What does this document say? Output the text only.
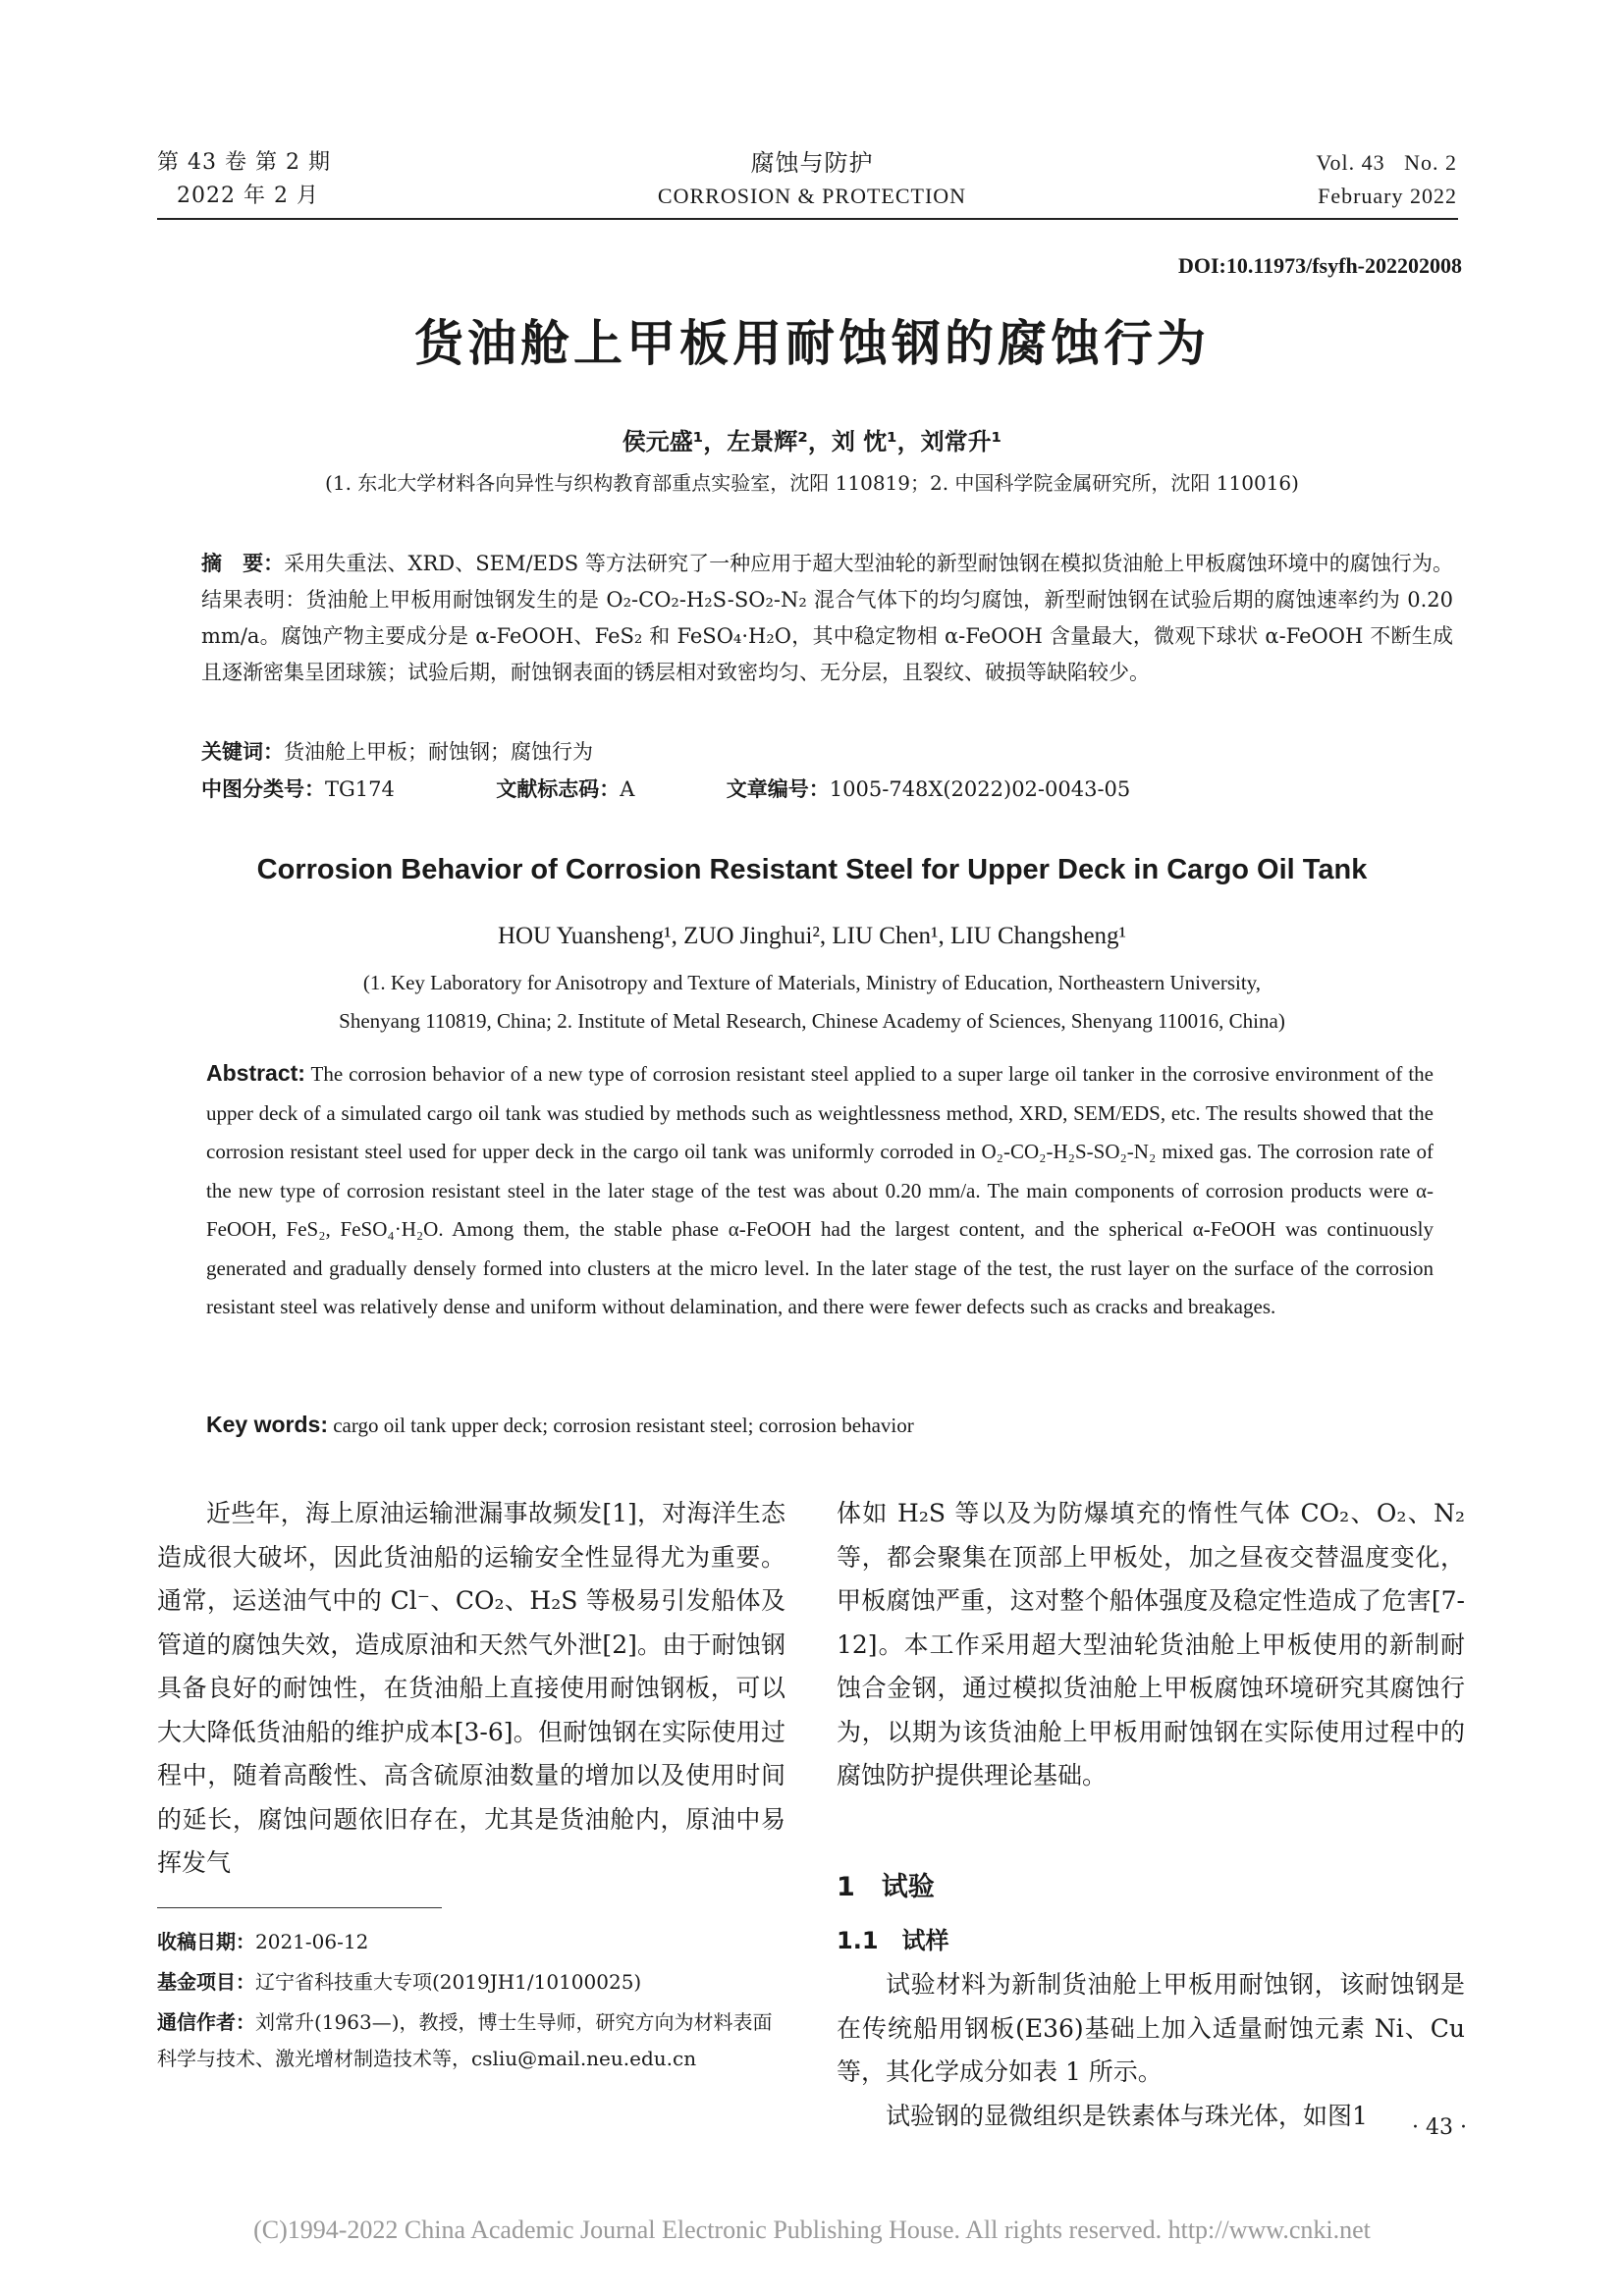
第 43 卷 第 2 期
2022 年 2 月
腐蚀与防护
CORROSION & PROTECTION
Vol. 43   No. 2
February 2022
DOI:10.11973/fsyfh-202202008
货油舱上甲板用耐蚀钢的腐蚀行为
侯元盛¹，左景辉²，刘 忱¹，刘常升¹
(1. 东北大学材料各向异性与织构教育部重点实验室，沈阳 110819；2. 中国科学院金属研究所，沈阳 110016)
摘　要：采用失重法、XRD、SEM/EDS 等方法研究了一种应用于超大型油轮的新型耐蚀钢在模拟货油舱上甲板腐蚀环境中的腐蚀行为。结果表明：货油舱上甲板用耐蚀钢发生的是 O₂-CO₂-H₂S-SO₂-N₂ 混合气体下的均匀腐蚀，新型耐蚀钢在试验后期的腐蚀速率约为 0.20 mm/a。腐蚀产物主要成分是 α-FeOOH、FeS₂ 和 FeSO₄·H₂O，其中稳定物相 α-FeOOH 含量最大，微观下球状 α-FeOOH 不断生成且逐渐密集呈团球簇；试验后期，耐蚀钢表面的锈层相对致密均匀、无分层，且裂纹、破损等缺陷较少。
关键词：货油舱上甲板；耐蚀钢；腐蚀行为
中图分类号：TG174	文献标志码：A	文章编号：1005-748X(2022)02-0043-05
Corrosion Behavior of Corrosion Resistant Steel for Upper Deck in Cargo Oil Tank
HOU Yuansheng¹, ZUO Jinghui², LIU Chen¹, LIU Changsheng¹
(1. Key Laboratory for Anisotropy and Texture of Materials, Ministry of Education, Northeastern University,
Shenyang 110819, China; 2. Institute of Metal Research, Chinese Academy of Sciences, Shenyang 110016, China)
Abstract: The corrosion behavior of a new type of corrosion resistant steel applied to a super large oil tanker in the corrosive environment of the upper deck of a simulated cargo oil tank was studied by methods such as weightlessness method, XRD, SEM/EDS, etc. The results showed that the corrosion resistant steel used for upper deck in the cargo oil tank was uniformly corroded in O₂-CO₂-H₂S-SO₂-N₂ mixed gas. The corrosion rate of the new type of corrosion resistant steel in the later stage of the test was about 0.20 mm/a. The main components of corrosion products were α-FeOOH, FeS₂, FeSO₄·H₂O. Among them, the stable phase α-FeOOH had the largest content, and the spherical α-FeOOH was continuously generated and gradually densely formed into clusters at the micro level. In the later stage of the test, the rust layer on the surface of the corrosion resistant steel was relatively dense and uniform without delamination, and there were fewer defects such as cracks and breakages.
Key words: cargo oil tank upper deck; corrosion resistant steel; corrosion behavior

近些年，海上原油运输泄漏事故频发[1]，对海洋生态造成很大破坏，因此货油船的运输安全性显得尤为重要。通常，运送油气中的 Cl⁻、CO₂、H₂S 等极易引发船体及管道的腐蚀失效，造成原油和天然气外泄[2]。由于耐蚀钢具备良好的耐蚀性，在货油船上直接使用耐蚀钢板，可以大大降低货油船的维护成本[3-6]。但耐蚀钢在实际使用过程中，随着高酸性、高含硫原油数量的增加以及使用时间的延长，腐蚀问题依旧存在，尤其是货油舱内，原油中易挥发气

收稿日期：2021-06-12
基金项目：辽宁省科技重大专项(2019JH1/10100025)
通信作者：刘常升(1963—)，教授，博士生导师，研究方向为材料表面科学与技术、激光增材制造技术等，csliu@mail.neu.edu.cn

体如 H₂S 等以及为防爆填充的惰性气体 CO₂、O₂、N₂ 等，都会聚集在顶部上甲板处，加之昼夜交替温度变化，甲板腐蚀严重，这对整个船体强度及稳定性造成了危害[7-12]。本工作采用超大型油轮货油舱上甲板使用的新制耐蚀合金钢，通过模拟货油舱上甲板腐蚀环境研究其腐蚀行为，以期为该货油舱上甲板用耐蚀钢在实际使用过程中的腐蚀防护提供理论基础。

1　试验
1.1　试样

试验材料为新制货油舱上甲板用耐蚀钢，该耐蚀钢是在传统船用钢板(E36)基础上加入适量耐蚀元素 Ni、Cu 等，其化学成分如表 1 所示。

试验钢的显微组织是铁素体与珠光体，如图1	· 43 ·
(C)1994-2022 China Academic Journal Electronic Publishing House. All rights reserved. http://www.cnki.net
